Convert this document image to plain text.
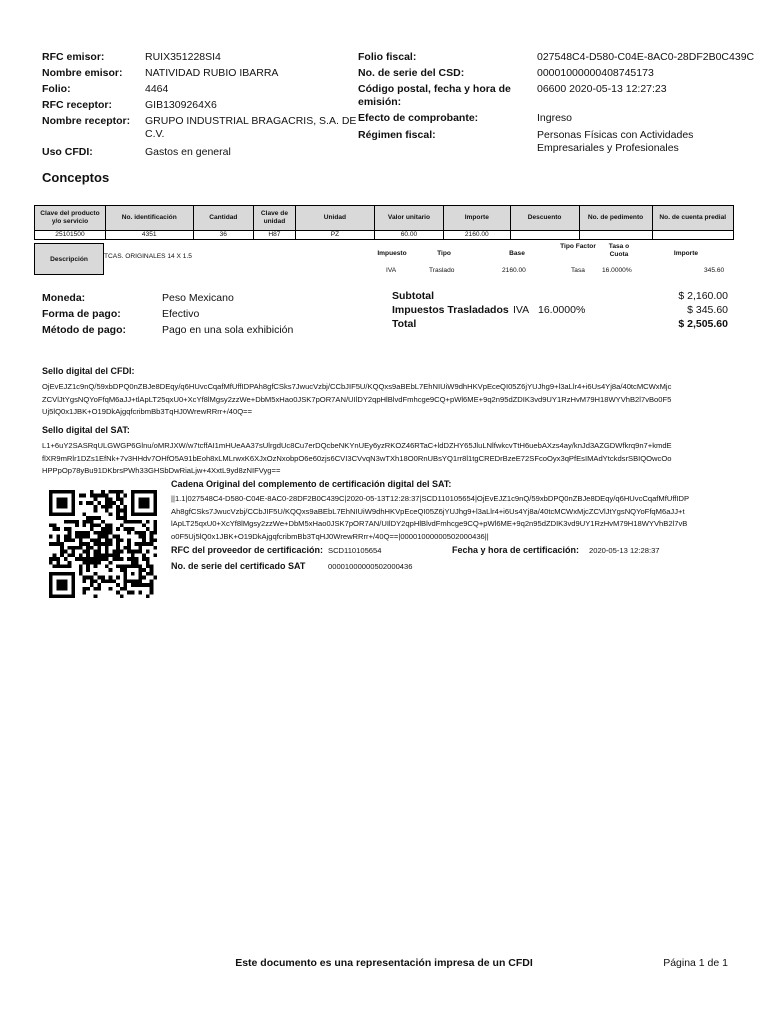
RFC emisor:	RUIX351228SI4
Nombre emisor: NATIVIDAD RUBIO IBARRA
Folio:	4464
RFC receptor:	GIB1309264X6
Nombre receptor: GRUPO INDUSTRIAL BRAGACRIS, S.A. DE
C.V.
Uso CFDI:	Gastos en general
Folio fiscal:	027548C4-D580-C04E-8AC0-28DF2B0C439C
No. de serie del CSD:	00001000000408745173
Código postal, fecha y hora de
emisión:
06600 2020-05-13 12:27:23
Efecto de comprobante:	Ingreso
Régimen fiscal:	Personas Físicas con Actividades
Empresariales y Profesionales
Conceptos
Clave del producto y/o servicio	No. identificación	Cantidad	Clave de unidad	Unidad	Valor unitario	Importe	Descuento	No. de pedimento	No. de cuenta predial
25101500	4351	36	H87	PZ	60.00	2160.00			
Descripción	TCAS. ORIGINALES 14 X 1.5	Impuesto	Tipo	Base
Tipo Factor	Tasa o Cuota	Importe
IVA	Traslado	2160.00	Tasa	16.0000%	345.60
Moneda:	Peso Mexicano
Forma de pago:	Efectivo
Método de pago:	Pago en una sola exhibición
Subtotal	$ 2,160.00
Impuestos Trasladados IVA 16.0000%	$ 345.60
Total	$ 2,505.60
Sello digital del CFDI:
OjEvEJZ1c9nQ/59xbDPQ0nZBJe8DEqy/q6HUvcCqafMfUffIDPAh8gfCSks7JwucVzbj/CCbJIF5U/KQQxs9aBEbL7EhNIUiW9dhHKVpEceQI05Z6jYUJhg9+l3aLlr4+i6Us4Yj8a/40tcMCWxMjc
ZCVlJtYgsNQYoFfqM6aJJ+tlApLT25qxU0+XcYf8lMgsy2zzWe+DbM5xHao0JSK7pOR7AN/UIlDY2qpHlBlvdFmhcge9CQ+pWl6ME+9q2n95dZDIK3vd9UY1RzHvM79H18WYVhB2l7vBo0F5
Uj5lQ0x1JBK+O19DkAjgqfcribmBb3TqHJ0WrewRRrr+/40Q==
Sello digital del SAT:
L1+6uY2SASRqULGWGP6Glnu/oMRJXW/w7tcffAI1mHUeAA37sUlrgdUc8Cu7erDQcbeNKYnUEy6yzRKOZ46RTaC+ldDZHY65JluLNlfwkcvTtH6uebAXzs4ay/knJd3AZGDWfkrq9n7+kmdE
flXR9mRlr1DZs1EfNk+7v3HHdv7OHfO5A91bEoh8xLMLrwxK6XJxOzNxobpO6e60zjs6CVI3CVvqN3wTXh18O0RnUBsYQ1rr8l1tgCREDrBzeE72SFcoOyx3qPfEsIMAdYtckdsrSBIQOwcOo
HPPpOp78yBu91DKbrsPWh33GHSbDwRiaLjw+4XxtL9yd8zNIFVyg==
Cadena Original del complemento de certificación digital del SAT:
||1.1|027548C4-D580-C04E-8AC0-28DF2B0C439C|2020-05-13T12:28:37|SCD110105654|OjEvEJZ1c9nQ/59xbDPQ0nZBJe8DEqy/q6HUvcCqafMfUffIDP
Ah8gfCSks7JwucVzbj/CCbJIF5U/KQQxs9aBEbL7EhNIUiW9dhHKVpEceQI05Z6jYUJhg9+l3aLlr4+i6Us4Yj8a/40tcMCWxMjcZCVlJtYgsNQYoFfqM6aJJ+t
lApLT25qxU0+XcYf8lMgsy2zzWe+DbM5xHao0JSK7pOR7AN/UIlDY2qpHlBlvdFmhcge9CQ+pWl6ME+9q2n95dZDIK3vd9UY1RzHvM79H18WYVhB2l7vB
o0F5Uj5lQ0x1JBK+O19DkAjgqfcribmBb3TqHJ0WrewRRrr+/40Q==|00001000000502000436||
RFC del proveedor de certificación: SCD110105654	Fecha y hora de certificación: 2020-05-13 12:28:37
No. de serie del certificado SAT	00001000000502000436
Este documento es una representación impresa de un CFDI	Página 1 de 1
